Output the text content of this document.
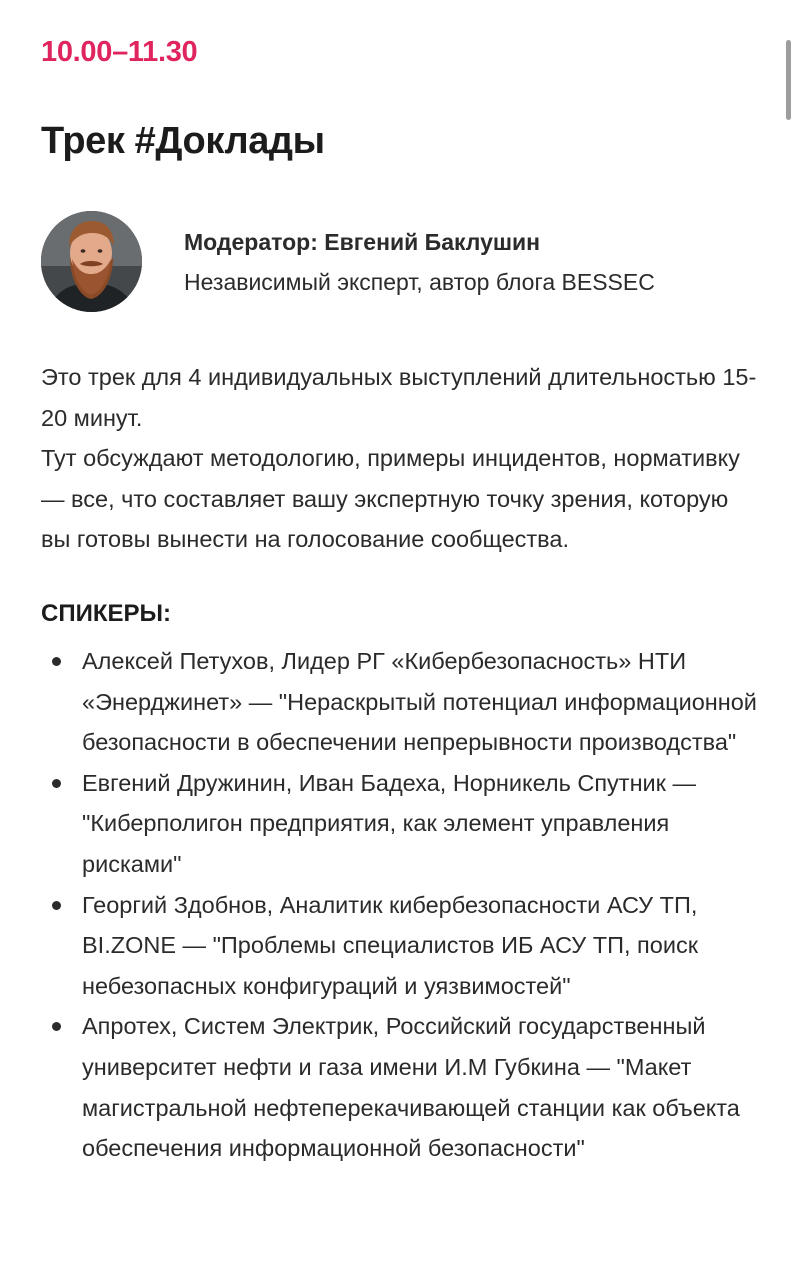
10.00–11.30
Трек #Доклады
Модератор: Евгений Баклушин
Независимый эксперт, автор блога BESSEC

Это трек для 4 индивидуальных выступлений длительностью 15-20 минут.

Тут обсуждают методологию, примеры инцидентов, нормативку — все, что составляет вашу экспертную точку зрения, которую вы готовы вынести на голосование сообщества.

СПИКЕРЫ:
Алексей Петухов, Лидер РГ «Кибербезопасность» НТИ «Энерджинет» — "Нераскрытый потенциал информационной безопасности в обеспечении непрерывности производства"
Евгений Дружинин, Иван Бадеха, Норникель Спутник — "Киберполигон предприятия, как элемент управления рисками"
Георгий Здобнов, Аналитик кибербезопасности АСУ ТП, BI.ZONE — "Проблемы специалистов ИБ АСУ ТП, поиск небезопасных конфигураций и уязвимостей"
Апротех, Систем Электрик, Российский государственный университет нефти и газа имени И.М Губкина — "Макет магистральной нефтеперекачивающей станции как объекта обеспечения информационной безопасности"
